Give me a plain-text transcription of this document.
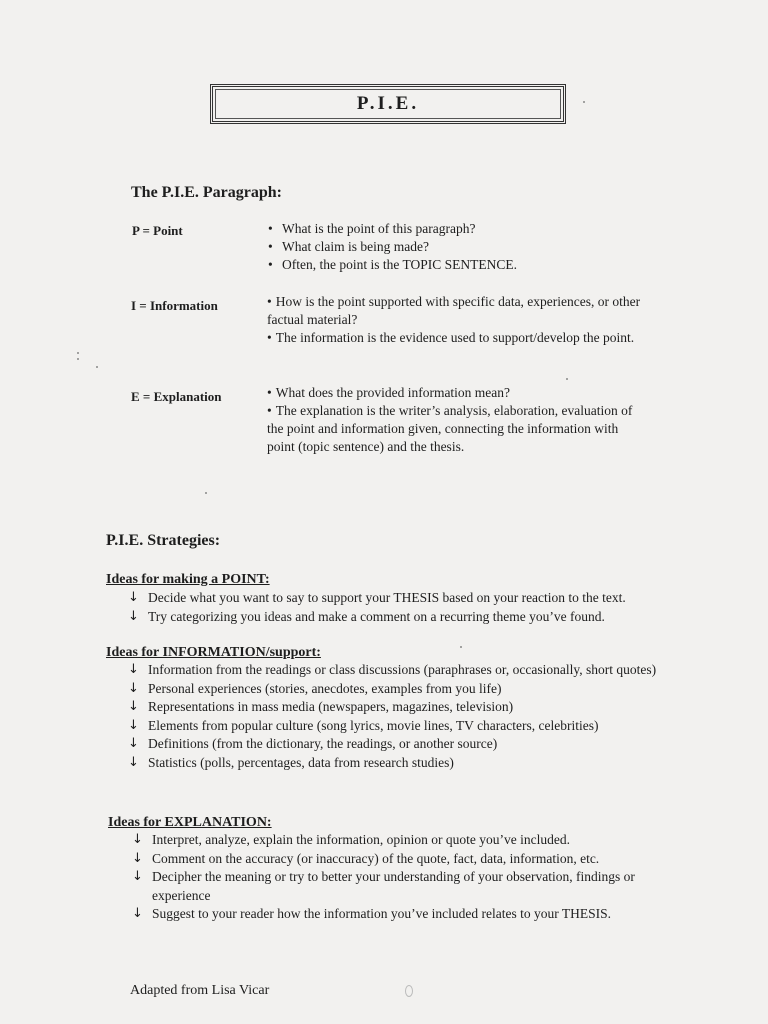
P.I.E.
The P.I.E. Paragraph:
P = Point
•	What is the point of this paragraph?
• What claim is being made?
• Often, the point is the TOPIC SENTENCE.
I = Information	• How is the point supported with specific data, experiences, or other factual material?
• The information is the evidence used to support/develop the point.
E = Explanation	• What does the provided information mean?
• The explanation is the writer’s analysis, elaboration, evaluation of the point and information given, connecting the information with point (topic sentence) and the thesis.
P.I.E. Strategies:
Ideas for making a POINT:
↓ Decide what you want to say to support your THESIS based on your reaction to the text.
↓ Try categorizing you ideas and make a comment on a recurring theme you’ve found.
Ideas for INFORMATION/support:
↓ Information from the readings or class discussions (paraphrases or, occasionally, short quotes)
↓ Personal experiences (stories, anecdotes, examples from you life)
↓ Representations in mass media (newspapers, magazines, television)
↓ Elements from popular culture (song lyrics, movie lines, TV characters, celebrities)
↓ Definitions (from the dictionary, the readings, or another source)
↓ Statistics (polls, percentages, data from research studies)
Ideas for EXPLANATION:
↓ Interpret, analyze, explain the information, opinion or quote you’ve included.
↓ Comment on the accuracy (or inaccuracy) of the quote, fact, data, information, etc.
↓ Decipher the meaning or try to better your understanding of your observation, findings or experience
↓ Suggest to your reader how the information you’ve included relates to your THESIS.
Adapted from Lisa Vicar
